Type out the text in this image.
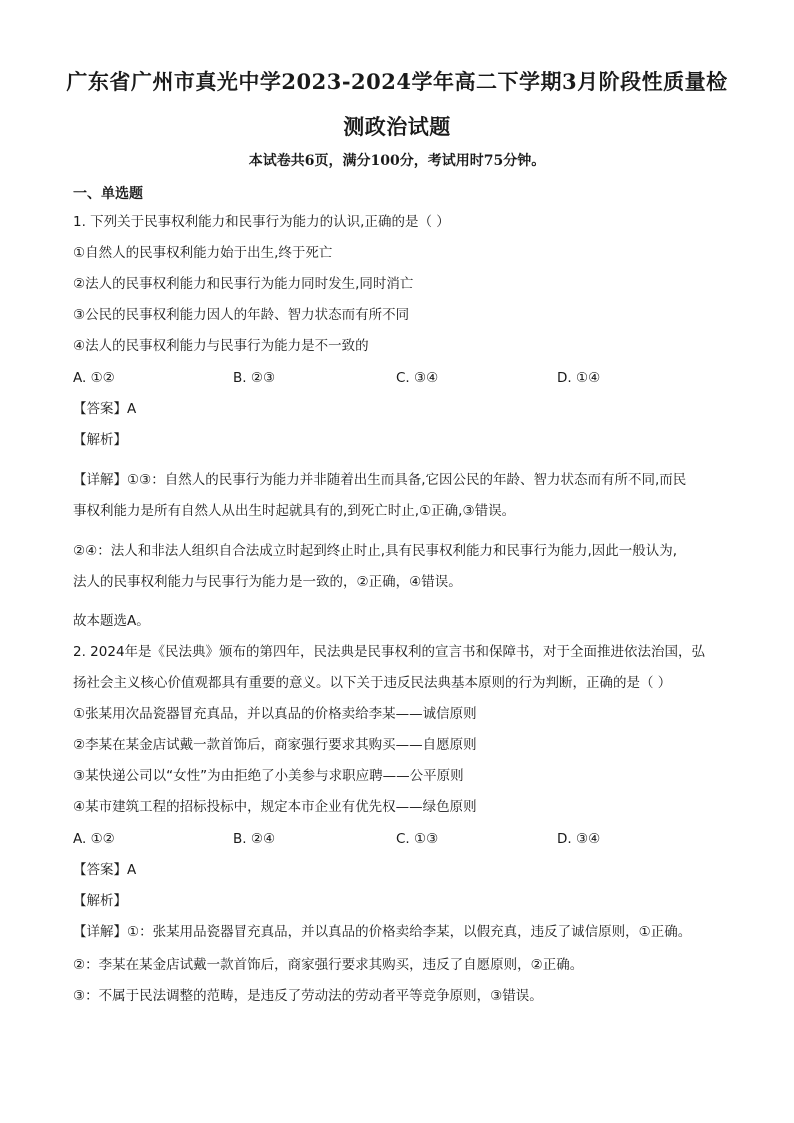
广东省广州市真光中学2023-2024学年高二下学期3月阶段性质量检
测政治试题
本试卷共6页，满分100分，考试用时75分钟。
一、单选题
1. 下列关于民事权利能力和民事行为能力的认识,正确的是（ ）
①自然人的民事权利能力始于出生,终于死亡
②法人的民事权利能力和民事行为能力同时发生,同时消亡
③公民的民事权利能力因人的年龄、智力状态而有所不同
④法人的民事权利能力与民事行为能力是不一致的
A. ①②	B. ②③	C. ③④	D. ①④
【答案】A
【解析】
【详解】①③：自然人的民事行为能力并非随着出生而具备,它因公民的年龄、智力状态而有所不同,而民
事权利能力是所有自然人从出生时起就具有的,到死亡时止,①正确,③错误。
②④：法人和非法人组织自合法成立时起到终止时止,具有民事权利能力和民事行为能力,因此一般认为,
法人的民事权利能力与民事行为能力是一致的，②正确，④错误。
故本题选A。
2. 2024年是《民法典》颁布的第四年，民法典是民事权利的宣言书和保障书，对于全面推进依法治国，弘
扬社会主义核心价值观都具有重要的意义。以下关于违反民法典基本原则的行为判断，正确的是（ ）
①张某用次品瓷器冒充真品，并以真品的价格卖给李某——诚信原则
②李某在某金店试戴一款首饰后，商家强行要求其购买——自愿原则
③某快递公司以“女性”为由拒绝了小美参与求职应聘——公平原则
④某市建筑工程的招标投标中，规定本市企业有优先权——绿色原则
A. ①②	B. ②④	C. ①③	D. ③④
【答案】A
【解析】
【详解】①：张某用品瓷器冒充真品，并以真品的价格卖给李某，以假充真，违反了诚信原则，①正确。
②：李某在某金店试戴一款首饰后，商家强行要求其购买，违反了自愿原则，②正确。
③：不属于民法调整的范畴，是违反了劳动法的劳动者平等竞争原则，③错误。
